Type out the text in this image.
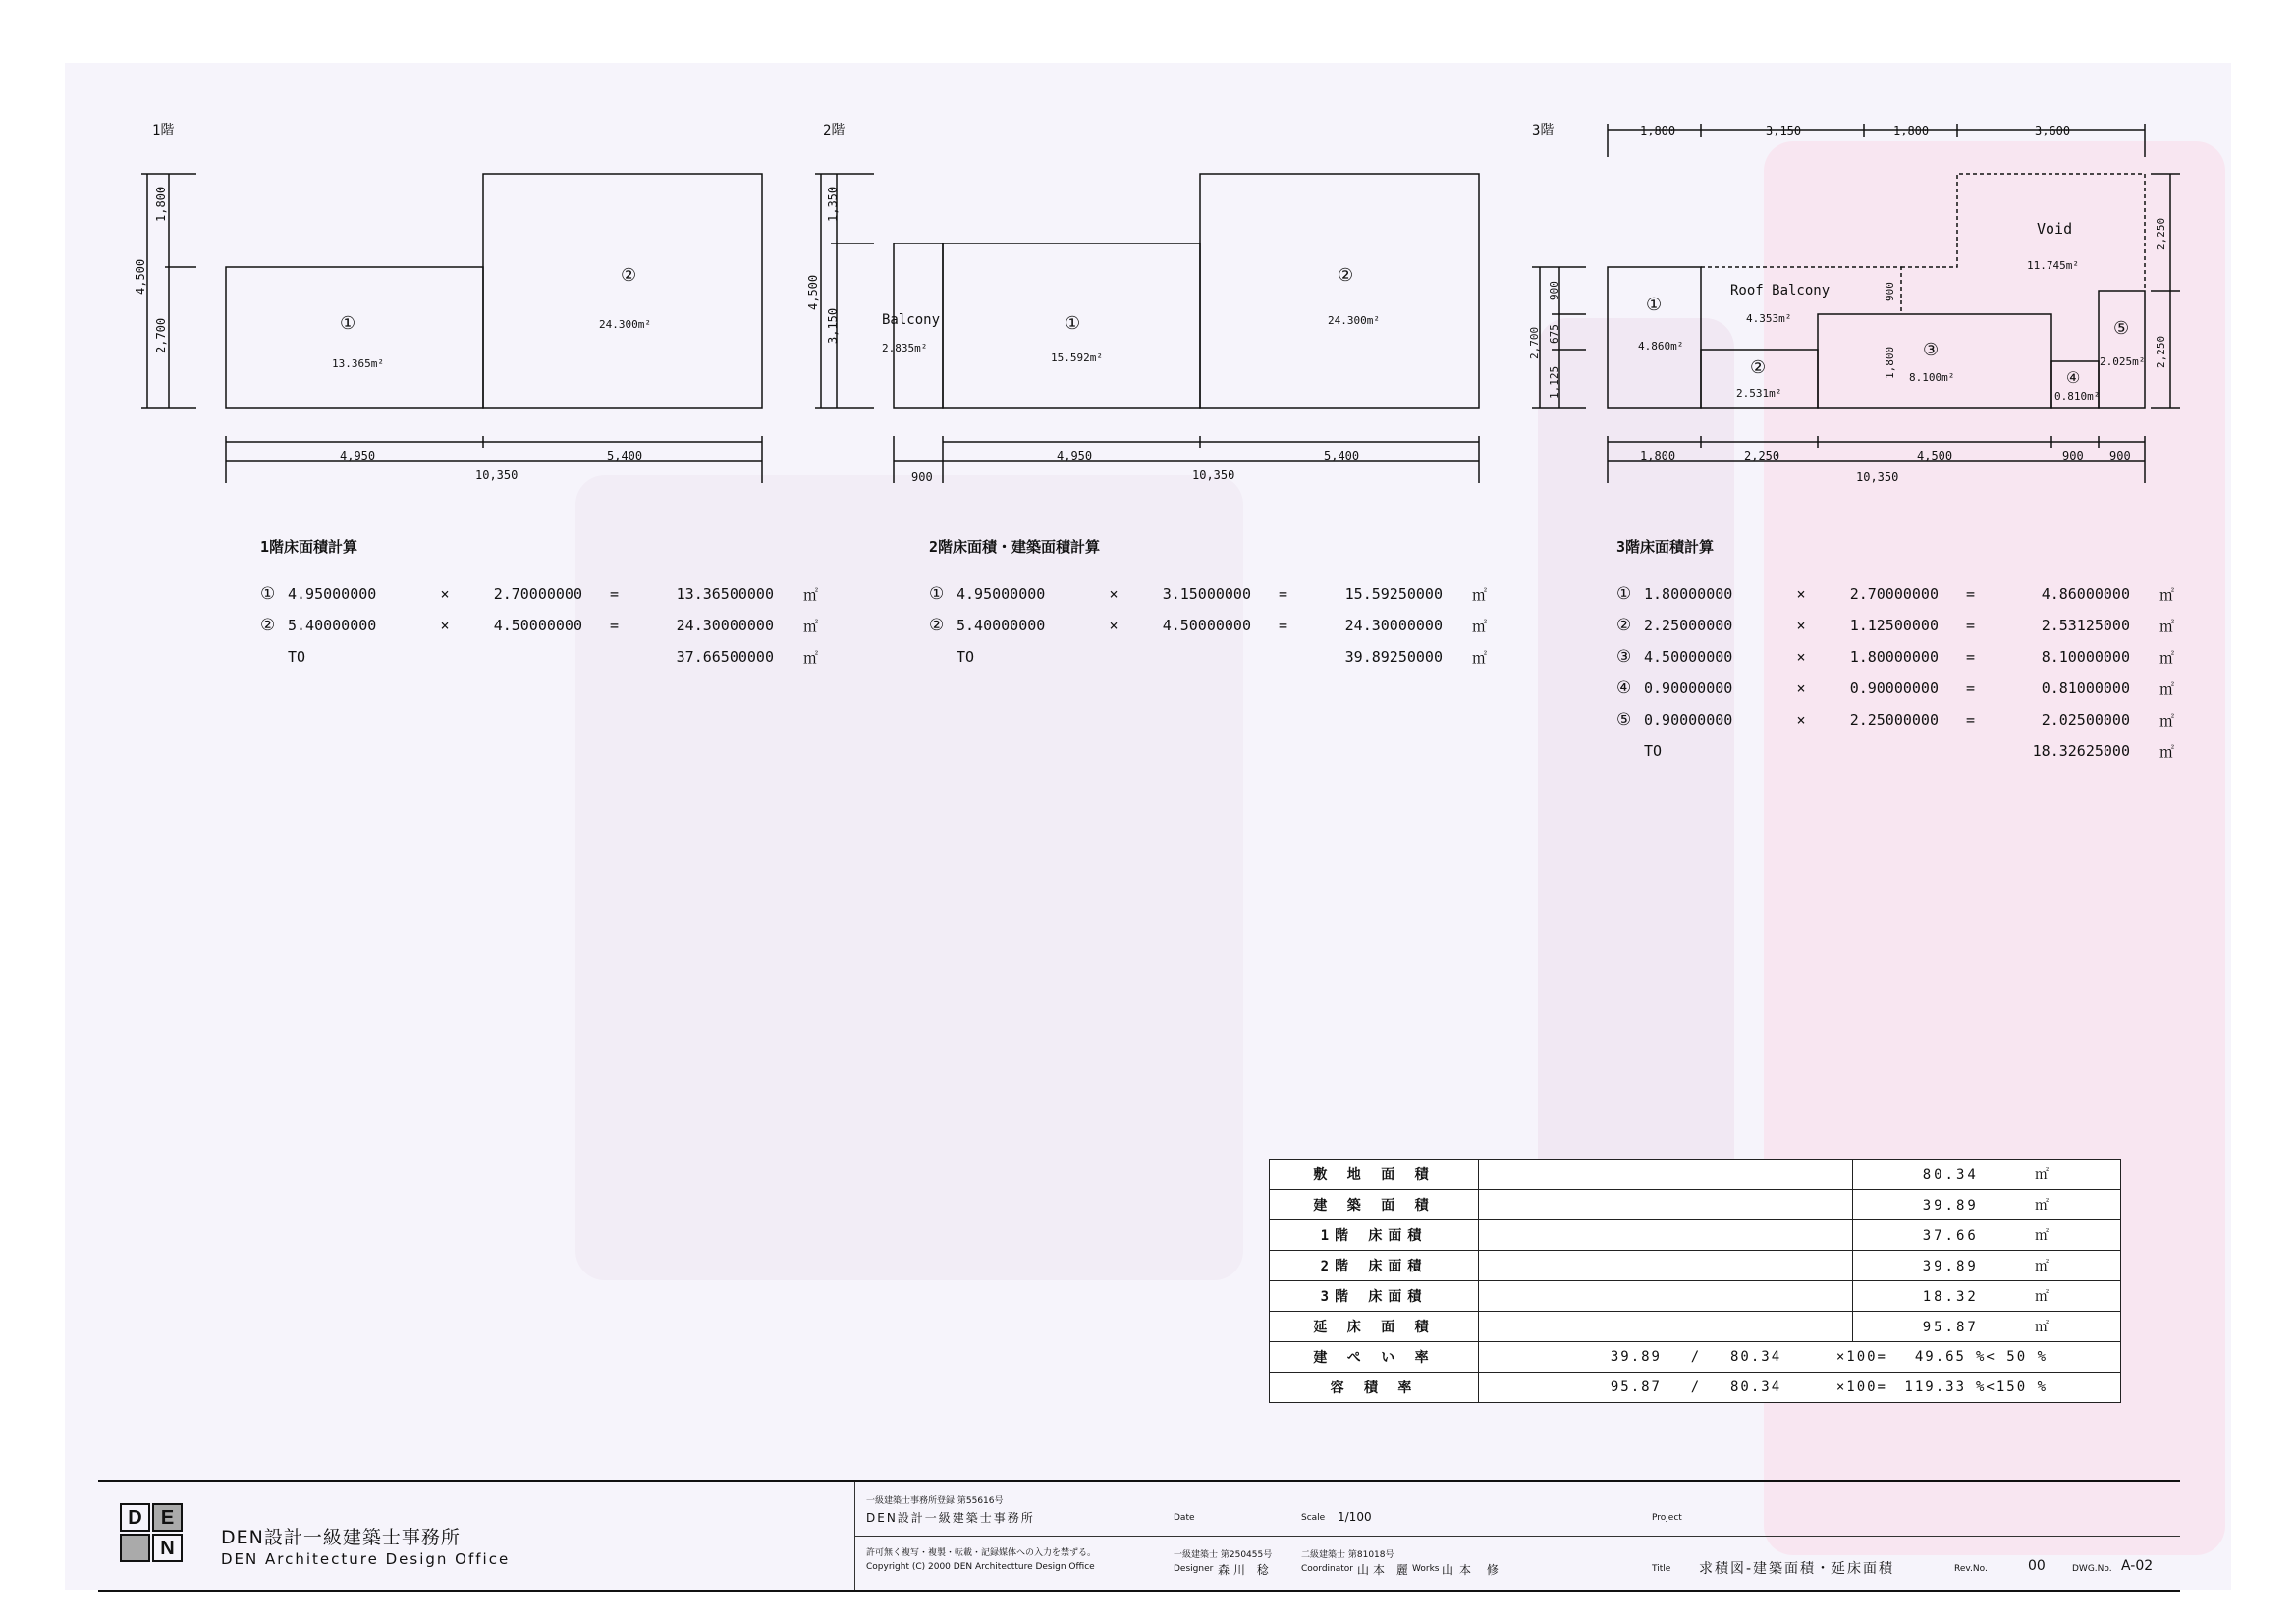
1階
4,500
1,800
2,700
4,950	5,400
10,350
①
13.365m²
②
24.300m²
2階
4,500
1,350
3,150
900
4,950	5,400
10,350
Balcony
2.835m²
①
15.592m²
②
24.300m²
3階	1,800	3,150	1,800	3,600
900
675
2,700
1,125
2,250
2,250
900
1,800
1,800	2,250	4,500	900 900
10,350
Void
11.745m²
Roof Balcony
4.353m²
①
4.860m²
②
2.531m²
③
8.100m²	④
0.810m²
⑤
2.025m²
1階床面積計算
① 4.95000000	×	2.70000000	=	13.36500000	㎡
② 5.40000000	×	4.50000000	=	24.30000000	㎡
TO	37.66500000	㎡
2階床面積・建築面積計算
① 4.95000000	×	3.15000000	=	15.59250000	㎡
② 5.40000000	×	4.50000000	=	24.30000000	㎡
TO	39.89250000	㎡
3階床面積計算
① 1.80000000	×	2.70000000	=	4.86000000	㎡
② 2.25000000	×	1.12500000	=	2.53125000	㎡
③ 4.50000000	×	1.80000000	=	8.10000000	㎡
④ 0.90000000	×	0.90000000	=	0.81000000	㎡
⑤ 0.90000000	×	2.25000000	=	2.02500000	㎡
TO	18.32625000	㎡
敷 地 面 積		80.34 ㎡
建 築 面 積		39.89 ㎡
1階 床面積		37.66 ㎡
2階 床面積		39.89 ㎡
3階 床面積		18.32 ㎡
延 床 面 積		95.87 ㎡
建 ぺ い 率	39.89 / 80.34 ×100= 49.65 %< 50 %	
容 積 率	95.87 / 80.34 ×100= 119.33 %<150 %	
D E
N	DEN設計一級建築士事務所
DEN Architecture Design Office
一級建築士事務所登録 第55616号
DEN設計一級建築士事務所
許可無く複写・複製・転載・記録媒体への入力を禁ずる。
Copyright (C) 2000 DEN Architectture Design Office
Date	Scale 1/100	Project
一級建築士 第250455号
Designer 森川 稔
二級建築士 第81018号
Coordinator 山本 麗 Works 山本 修	Title 求積図-建築面積・延床面積	Rev.No.	00	DWG.No. A-02
